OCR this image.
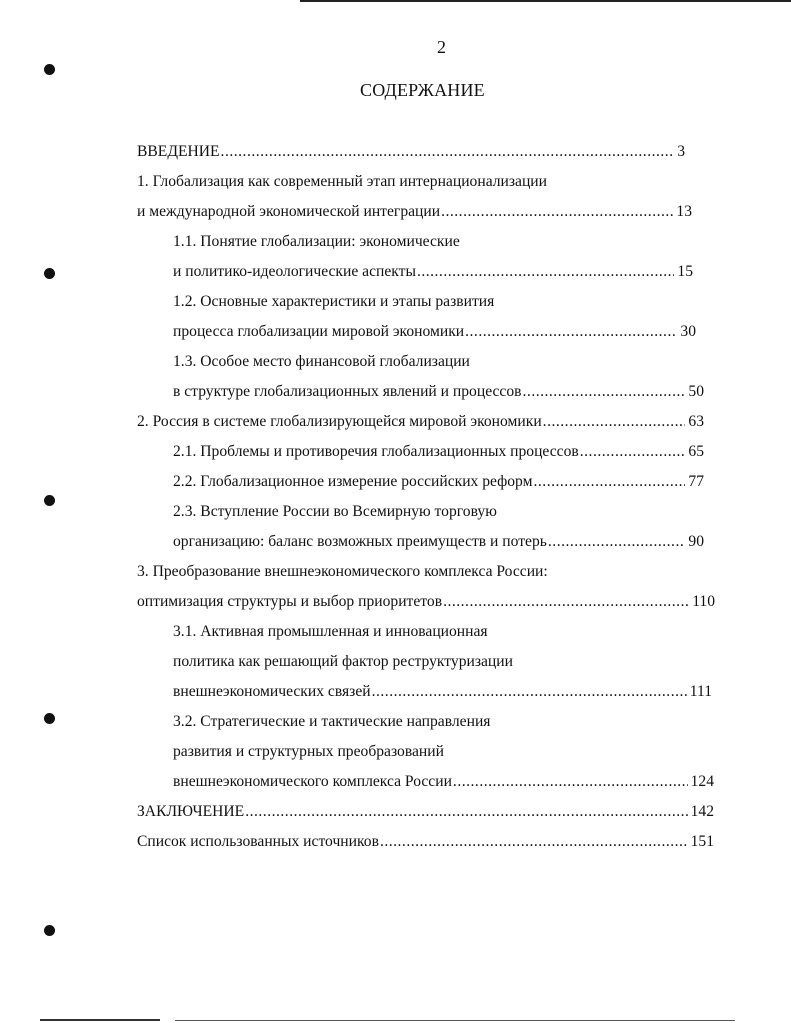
2
СОДЕРЖАНИЕ
ВВЕДЕНИЕ .....	3
1. Глобализация как современный этап интернационализации
и международной экономической интеграции .....	13
1.1. Понятие глобализации: экономические
и политико-идеологические аспекты .....	15
1.2. Основные характеристики и этапы развития
процесса глобализации мировой экономики .....	30
1.3. Особое место финансовой глобализации
в структуре глобализационных явлений и процессов .....	50
2. Россия в системе глобализирующейся мировой экономики .....	63
2.1. Проблемы и противоречия глобализационных процессов .....	65
2.2. Глобализационное измерение российских реформ .....	77
2.3. Вступление России во Всемирную торговую
организацию: баланс возможных преимуществ и потерь .....	90
3. Преобразование внешнеэкономического комплекса России:
оптимизация структуры и выбор приоритетов .....	110
3.1. Активная промышленная и инновационная
политика как решающий фактор реструктуризации
внешнеэкономических связей .....	111
3.2. Стратегические и тактические направления
развития и структурных преобразований
внешнеэкономического комплекса России .....	124
ЗАКЛЮЧЕНИЕ .....	142
Список использованных источников .....	151
